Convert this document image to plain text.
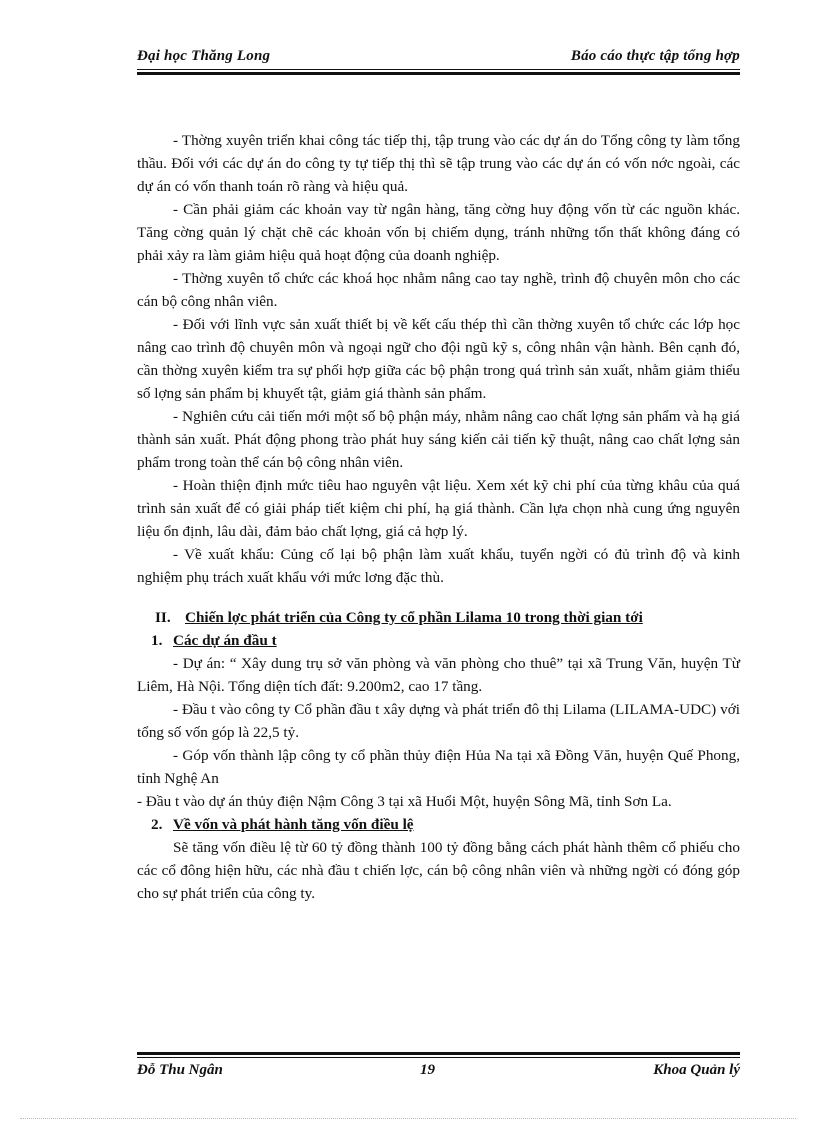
Đại học Thăng Long	Báo cáo thực tập tổng hợp

- Thờng xuyên triển khai công tác tiếp thị, tập trung vào các dự án do Tổng công ty làm tổng thầu. Đối với các dự án do công ty tự tiếp thị thì sẽ tập trung vào các dự án có vốn nớc ngoài, các dự án có vốn thanh toán rõ ràng và hiệu quả.

- Cần phải giảm các khoản vay từ ngân hàng, tăng cờng huy động vốn từ các nguồn khác. Tăng cờng quản lý chặt chẽ các khoản vốn bị chiếm dụng, tránh những tổn thất không đáng có phải xảy ra làm giảm hiệu quả hoạt động của doanh nghiệp.

- Thờng xuyên tổ chức các khoá học nhằm nâng cao tay nghề, trình độ chuyên môn cho các cán bộ công nhân viên.

- Đối với lĩnh vực sản xuất thiết bị về kết cấu thép thì cần thờng xuyên tổ chức các lớp học nâng cao trình độ chuyên môn và ngoại ngữ cho đội ngũ kỹ s, công nhân vận hành. Bên cạnh đó, cần thờng xuyên kiểm tra sự phối hợp giữa các bộ phận trong quá trình sản xuất, nhằm giảm thiểu số lợng sản phẩm bị khuyết tật, giảm giá thành sản phẩm.

- Nghiên cứu cải tiến mới một số bộ phận máy, nhằm nâng cao chất lợng sản phẩm và hạ giá thành sản xuất. Phát động phong trào phát huy sáng kiến cải tiến kỹ thuật, nâng cao chất lợng sản phẩm trong toàn thể cán bộ công nhân viên.

- Hoàn thiện định mức tiêu hao nguyên vật liệu. Xem xét kỹ chi phí của từng khâu của quá trình sản xuất để có giải pháp tiết kiệm chi phí, hạ giá thành. Cần lựa chọn nhà cung ứng nguyên liệu ổn định, lâu dài, đảm bảo chất lợng, giá cả hợp lý.

- Về xuất khẩu: Củng cố lại bộ phận làm xuất khẩu, tuyển ngời có đủ trình độ và kinh nghiệm phụ trách xuất khẩu với mức lơng đặc thù.

II. Chiến lợc phát triển của Công ty cổ phần Lilama 10 trong thời gian tới
1. Các dự án đầu t

- Dự án: “ Xây dung trụ sở văn phòng và văn phòng cho thuê” tại xã Trung Văn, huyện Từ Liêm, Hà Nội. Tổng diện tích đất: 9.200m2, cao 17 tầng.

- Đầu t vào công ty Cổ phần đầu t xây dựng và phát triển đô thị Lilama (LILAMA-UDC) với tổng số vốn góp là 22,5 tỷ.

- Góp vốn thành lập công ty cổ phần thủy điện Hủa Na tại xã Đồng Văn, huyện Quế Phong, tỉnh Nghệ An

- Đầu t vào dự án thủy điện Nậm Công 3 tại xã Huổi Một, huyện Sông Mã, tỉnh Sơn La.

2. Về vốn và phát hành tăng vốn điều lệ

Sẽ tăng vốn điều lệ từ 60 tỷ đồng thành 100 tỷ đồng bằng cách phát hành thêm cổ phiếu cho các cổ đông hiện hữu, các nhà đầu t chiến lợc, cán bộ công nhân viên và những ngời có đóng góp cho sự phát triển của công ty.

Đỗ Thu Ngân	19	Khoa Quản lý
